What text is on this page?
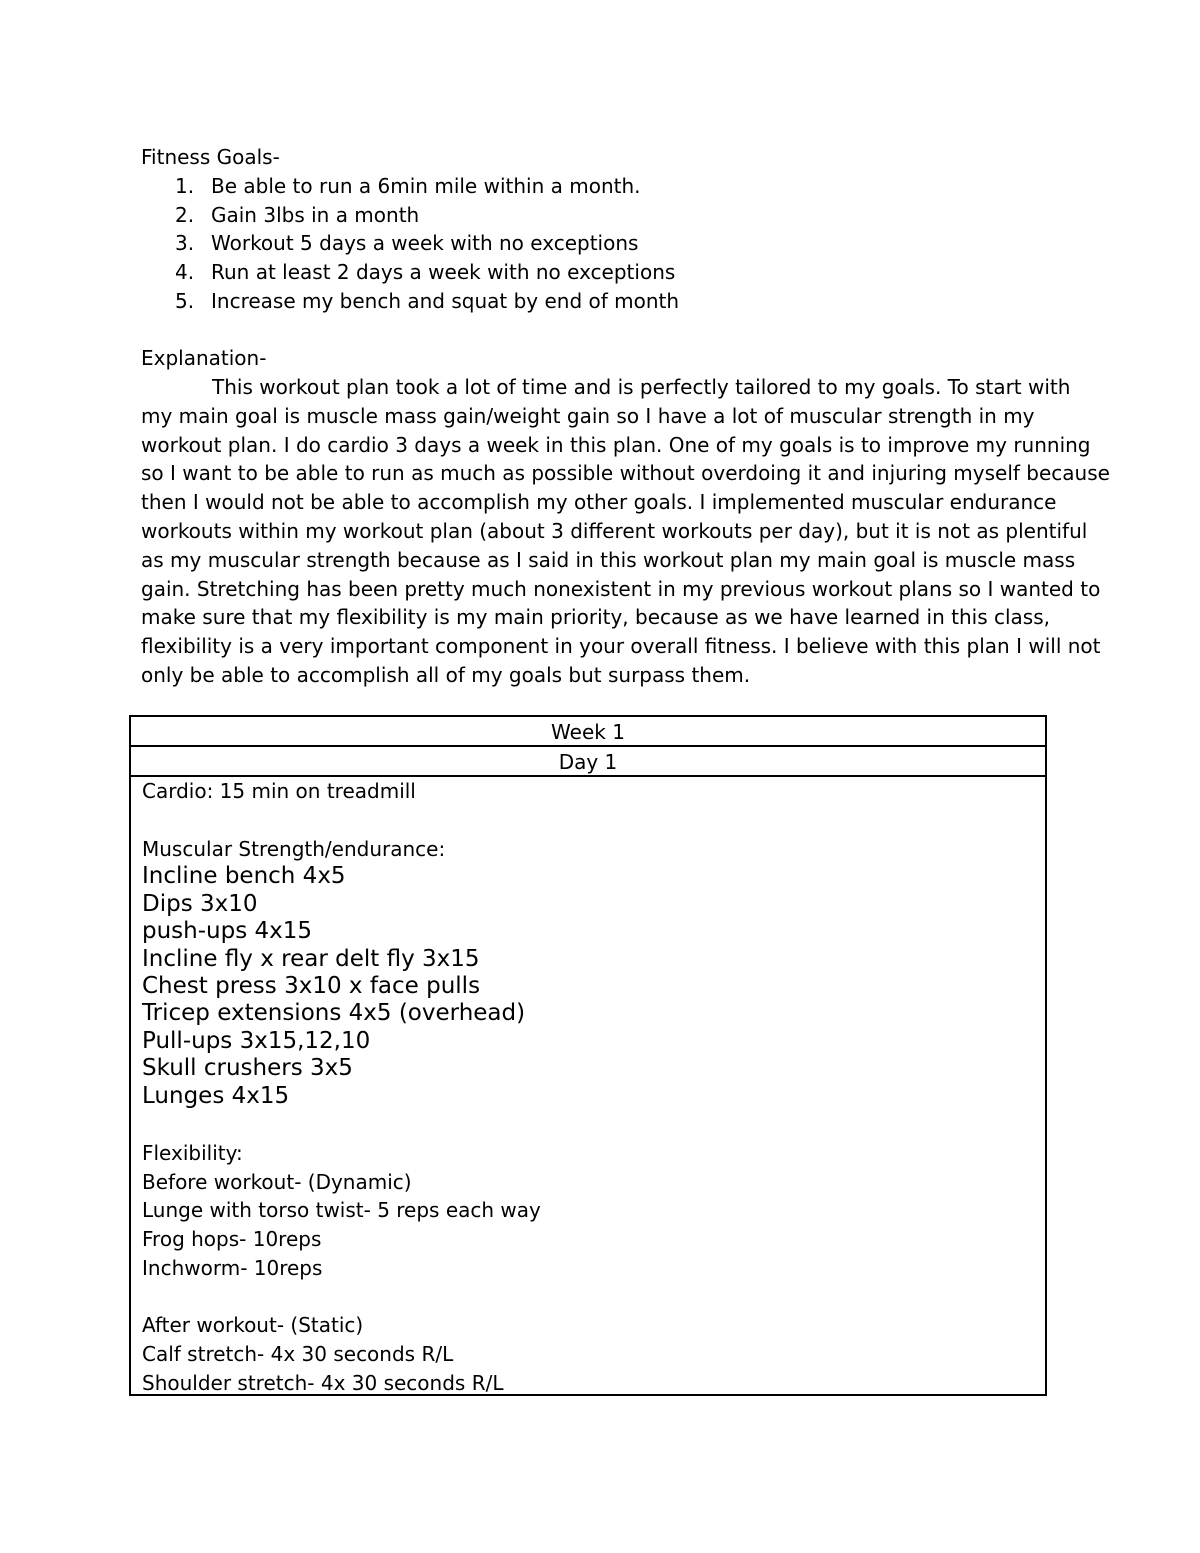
Fitness Goals-
1. Be able to run a 6min mile within a month.
2. Gain 3lbs in a month
3. Workout 5 days a week with no exceptions
4. Run at least 2 days a week with no exceptions
5. Increase my bench and squat by end of month
Explanation-
This workout plan took a lot of time and is perfectly tailored to my goals. To start with
my main goal is muscle mass gain/weight gain so I have a lot of muscular strength in my
workout plan. I do cardio 3 days a week in this plan. One of my goals is to improve my running
so I want to be able to run as much as possible without overdoing it and injuring myself because
then I would not be able to accomplish my other goals. I implemented muscular endurance
workouts within my workout plan (about 3 different workouts per day), but it is not as plentiful
as my muscular strength because as I said in this workout plan my main goal is muscle mass
gain. Stretching has been pretty much nonexistent in my previous workout plans so I wanted to
make sure that my flexibility is my main priority, because as we have learned in this class,
flexibility is a very important component in your overall fitness. I believe with this plan I will not
only be able to accomplish all of my goals but surpass them.
Week 1
Day 1
Cardio: 15 min on treadmill
Muscular Strength/endurance:
Incline bench 4x5
Dips 3x10
push-ups 4x15
Incline fly x rear delt fly 3x15
Chest press 3x10 x face pulls
Tricep extensions 4x5 (overhead)
Pull-ups 3x15,12,10
Skull crushers 3x5
Lunges 4x15
Flexibility:
Before workout- (Dynamic)
Lunge with torso twist- 5 reps each way
Frog hops- 10reps
Inchworm- 10reps
After workout- (Static)
Calf stretch- 4x 30 seconds R/L
Shoulder stretch- 4x 30 seconds R/L
